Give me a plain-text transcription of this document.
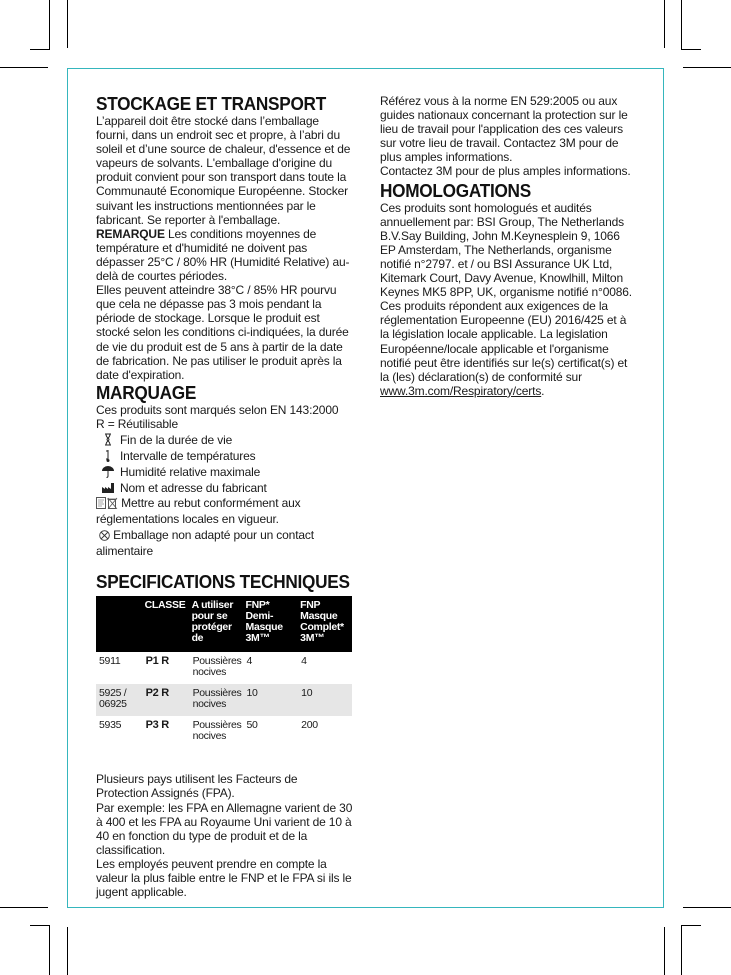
STOCKAGE ET TRANSPORT

L’appareil doit être stocké dans l’emballage fourni, dans un endroit sec et propre, à l’abri du soleil et d’une source de chaleur, d'essence et de vapeurs de solvants. L'emballage d'origine du produit convient pour son transport dans toute la Communauté Economique Européenne. Stocker suivant les instructions mentionnées par le fabricant. Se reporter à l'emballage.

REMARQUE Les conditions moyennes de température et d'humidité ne doivent pas dépasser 25°C / 80% HR (Humidité Relative) au-delà de courtes périodes.

Elles peuvent atteindre 38°C / 85% HR pourvu que cela ne dépasse pas 3 mois pendant la période de stockage. Lorsque le produit est stocké selon les conditions ci-indiquées, la durée de vie du produit est de 5 ans à partir de la date de fabrication. Ne pas utiliser le produit après la date d'expiration.

MARQUAGE

Ces produits sont marqués selon EN 143:2000

R = Réutilisable

Fin de la durée de vie
Intervalle de températures
Humidité relative maximale
Nom et adresse du fabricant

Mettre au rebut conformément aux réglementations locales en vigueur.

Emballage non adapté pour un contact alimentaire

SPECIFICATIONS TECHNIQUES
	CLASSE	A utiliser pour se protéger de	FNP* Demi-Masque 3M™	FNP Masque Complet* 3M™
5911	P1 R	Poussières nocives	4	4
5925 / 06925	P2 R	Poussières nocives	10	10
5935	P3 R	Poussières nocives	50	200

Plusieurs pays utilisent les Facteurs de Protection Assignés (FPA).

Par exemple: les FPA en Allemagne varient de 30 à 400 et les FPA au Royaume Uni varient de 10 à 40 en fonction du type de produit et de la classification.

Les employés peuvent prendre en compte la valeur la plus faible entre le FNP et le FPA si ils le jugent applicable.

Référez vous à la norme EN 529:2005 ou aux guides nationaux concernant la protection sur le lieu de travail pour l'application des ces valeurs sur votre lieu de travail. Contactez 3M pour de plus amples informations.

Contactez 3M pour de plus amples informations.

HOMOLOGATIONS

Ces produits sont homologués et audités annuellement par: BSI Group, The Netherlands B.V.Say Building, John M.Keynesplein 9, 1066 EP Amsterdam, The Netherlands, organisme notifié n°2797. et / ou BSI Assurance UK Ltd, Kitemark Court, Davy Avenue, Knowlhill, Milton Keynes MK5 8PP, UK, organisme notifié n°0086. Ces produits répondent aux exigences de la réglementation Europeenne (EU) 2016/425 et à la législation locale applicable. La legislation Européenne/locale applicable et l'organisme notifié peut être identifiés sur le(s) certificat(s) et la (les) déclaration(s) de conformité sur www.3m.com/Respiratory/certs.
